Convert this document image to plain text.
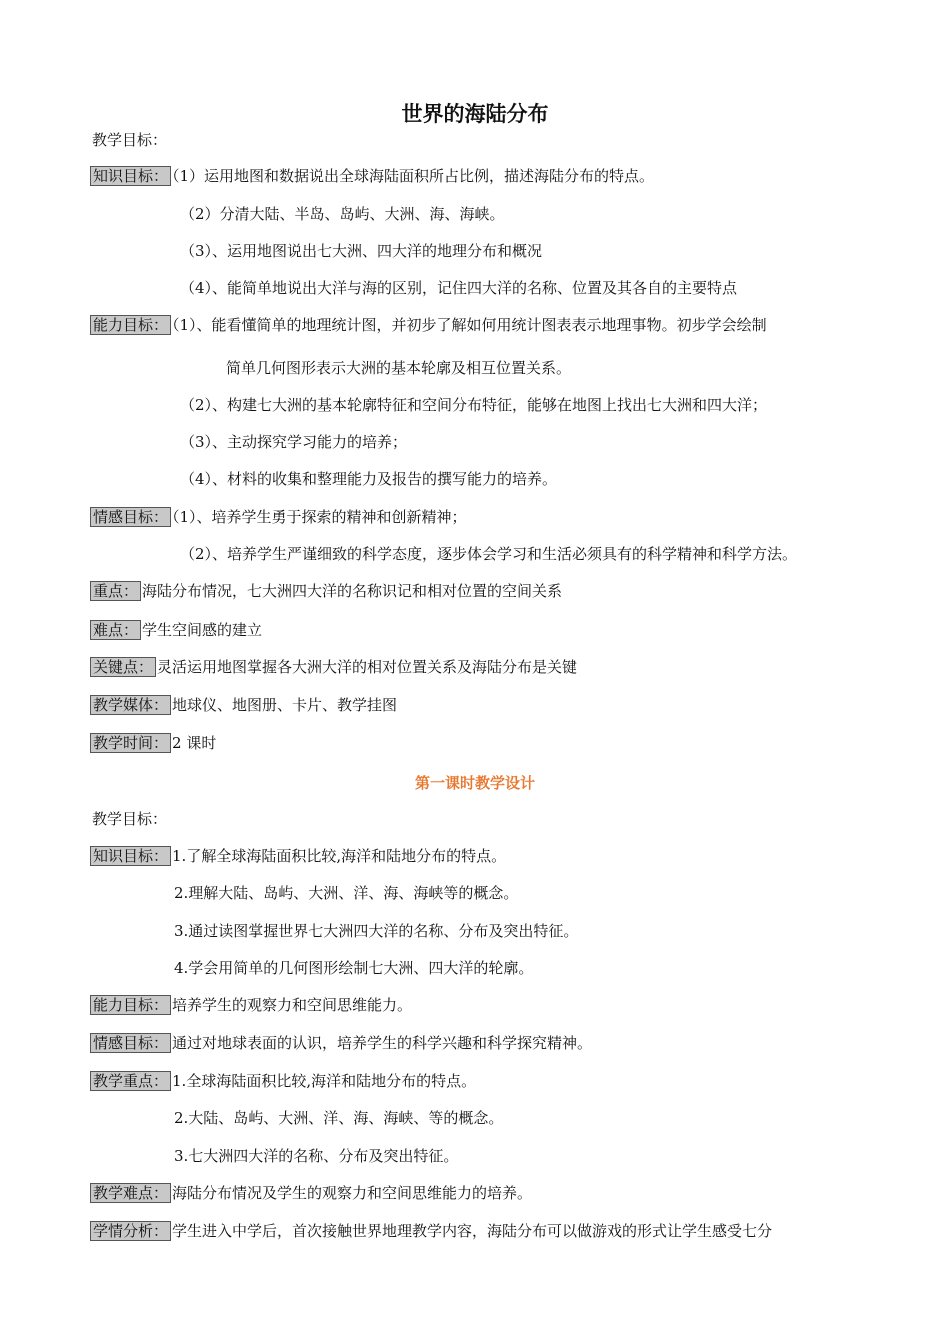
世界的海陆分布
教学目标：
知识目标： （1）运用地图和数据说出全球海陆面积所占比例，描述海陆分布的特点。
（2）分清大陆、半岛、岛屿、大洲、海、海峡。
（3）、运用地图说出七大洲、四大洋的地理分布和概况
（4）、能简单地说出大洋与海的区别，记住四大洋的名称、位置及其各自的主要特点
能力目标： （1）、能看懂简单的地理统计图，并初步了解如何用统计图表表示地理事物。初步学会绘制
简单几何图形表示大洲的基本轮廓及相互位置关系。
（2）、构建七大洲的基本轮廓特征和空间分布特征，能够在地图上找出七大洲和四大洋；
（3）、主动探究学习能力的培养；
（4）、材料的收集和整理能力及报告的撰写能力的培养。
情感目标： （1）、培养学生勇于探索的精神和创新精神；
（2）、培养学生严谨细致的科学态度，逐步体会学习和生活必须具有的科学精神和科学方法。
重点： 海陆分布情况，七大洲四大洋的名称识记和相对位置的空间关系
难点： 学生空间感的建立
关键点： 灵活运用地图掌握各大洲大洋的相对位置关系及海陆分布是关键
教学媒体： 地球仪、地图册、卡片、教学挂图
教学时间： 2 课时
第一课时教学设计
教学目标：
知识目标： 1.了解全球海陆面积比较,海洋和陆地分布的特点。
2.理解大陆、岛屿、大洲、洋、海、海峡等的概念。
3.通过读图掌握世界七大洲四大洋的名称、分布及突出特征。
4.学会用简单的几何图形绘制七大洲、四大洋的轮廓。
能力目标： 培养学生的观察力和空间思维能力。
情感目标： 通过对地球表面的认识，培养学生的科学兴趣和科学探究精神。
教学重点： 1.全球海陆面积比较,海洋和陆地分布的特点。
2.大陆、岛屿、大洲、洋、海、海峡、等的概念。
3.七大洲四大洋的名称、分布及突出特征。
教学难点： 海陆分布情况及学生的观察力和空间思维能力的培养。
学情分析： 学生进入中学后，首次接触世界地理教学内容，海陆分布可以做游戏的形式让学生感受七分
